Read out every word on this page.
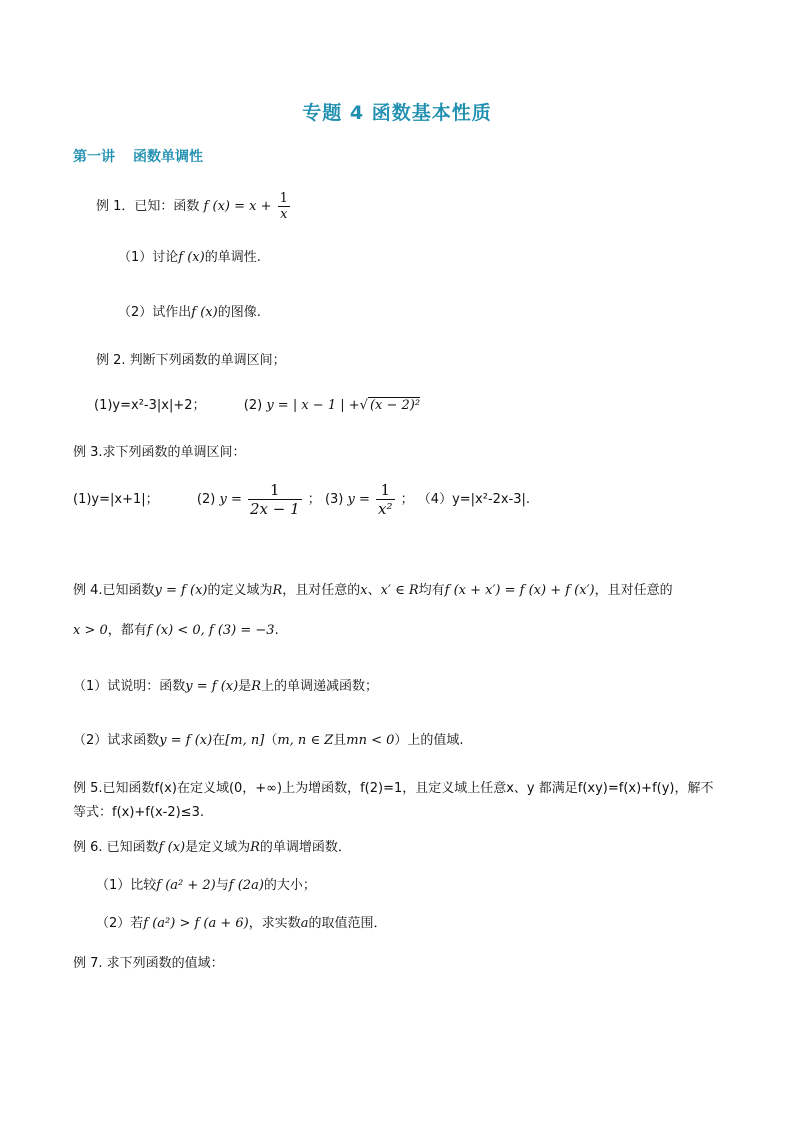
专题 4 函数基本性质
第一讲 函数单调性
例 1．已知：函数 f $(x) = x + \frac{1}{x}$
（1）讨论f (x)的单调性.
（2）试作出f (x)的图像.
例 2. 判断下列函数的单调区间；
(1)y=x²-3|x|+2；	(2) y = | x − 1 | +√ (x − 2)²
例 3.求下列函数的单调区间：
(1)y=|x+1|；	(2) $y = \frac{1}{2x - 1}$ ； (3) $y = \frac{1}{\text{x²}}$ ； （4）y=|x²-2x-3|.
例 4.已知函数y = f (x)的定义域为R，且对任意的x、x′ ∈ R均有f (x + x′) = f (x) + f (x′)，且对任意的
x > 0，都有f (x) < 0, f (3) = −3.
（1）试说明：函数y = f (x)是R上的单调递减函数；
（2）试求函数y = f (x)在[m, n]（m, n ∈ Z且mn < 0）上的值域.
例 5.已知函数f(x)在定义域(0，+∞)上为增函数，f(2)=1，且定义域上任意x、y 都满足f(xy)=f(x)+f(y)，解不
等式：f(x)+f(x-2)≤3.
例 6. 已知函数f (x)是定义域为R的单调增函数．
（1）比较f (a² + 2)与f (2a)的大小；
（2）若f (a²) > f (a + 6)，求实数a的取值范围．
例 7. 求下列函数的值域：
